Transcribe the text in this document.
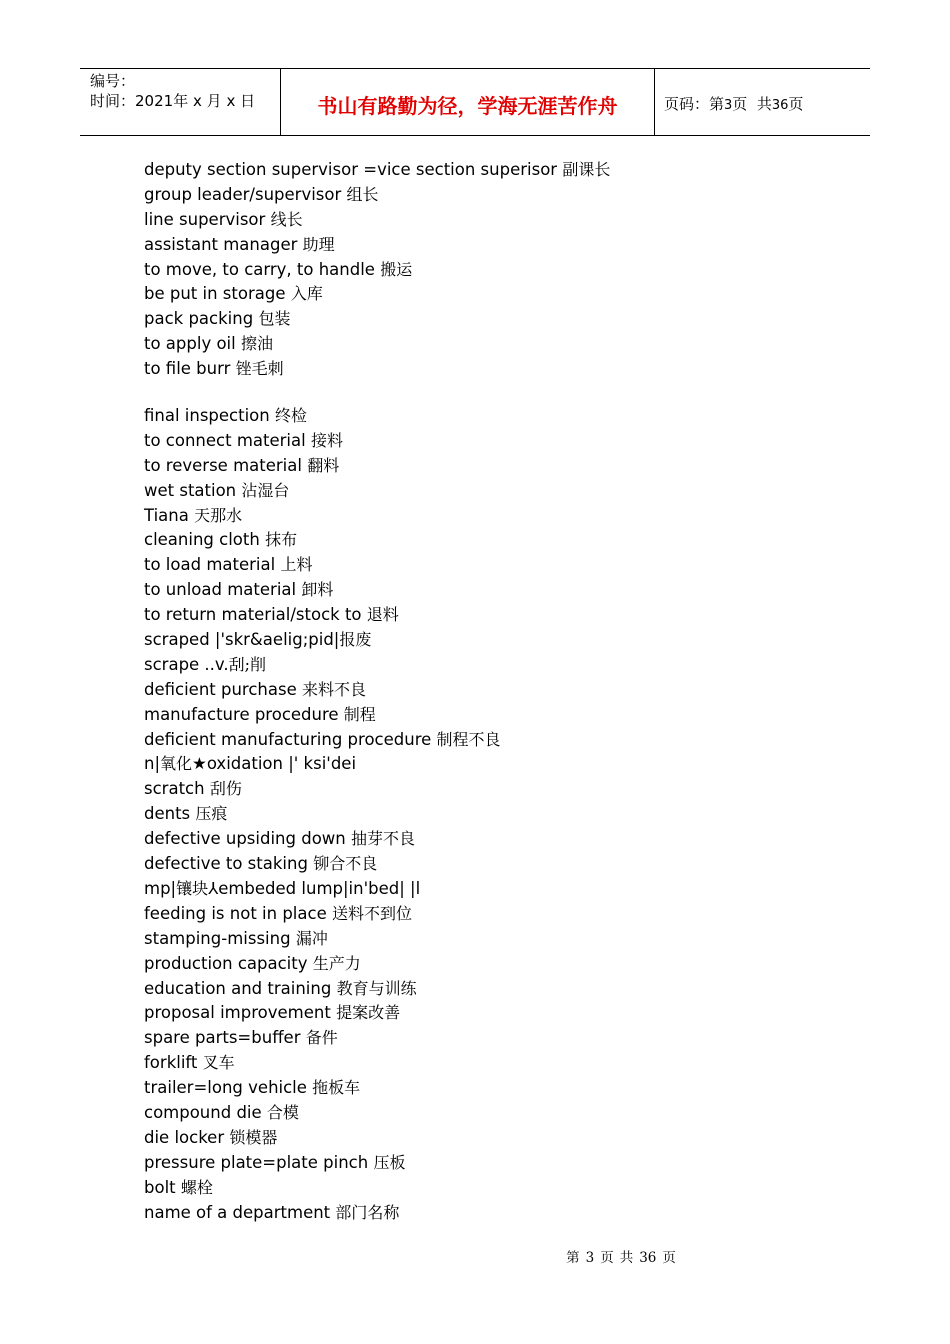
编号：
时间：2021年 x 月 x 日	书山有路勤为径，学海无涯苦作舟	页码：第3页  共36页
deputy section supervisor =vice section superisor 副课长
group leader/supervisor 组长
line supervisor 线长
assistant manager 助理
to move, to carry, to handle 搬运
be put in storage 入库
pack packing 包装
to apply oil 擦油
to file burr 锉毛刺
final inspection 终检
to connect material 接料
to reverse material 翻料
wet station 沾湿台
Tiana 天那水
cleaning cloth 抹布
to load material 上料
to unload material 卸料
to return material/stock to 退料
scraped |'skr&aelig;pid|报废
scrape ..v.刮;削
deficient purchase 来料不良
manufacture procedure 制程
deficient manufacturing procedure 制程不良
n|氧化★oxidation |' ksi'dei
scratch 刮伤
dents 压痕
defective upsiding down 抽芽不良
defective to staking 铆合不良
mp|镶块⅄embeded lump|in'bed| |l
feeding is not in place 送料不到位
stamping-missing 漏冲
production capacity 生产力
education and training 教育与训练
proposal improvement 提案改善
spare parts=buffer 备件
forklift 叉车
trailer=long vehicle 拖板车
compound die 合模
die locker 锁模器
pressure plate=plate pinch 压板
bolt 螺栓
name of a department 部门名称
第 3 页 共 36 页
